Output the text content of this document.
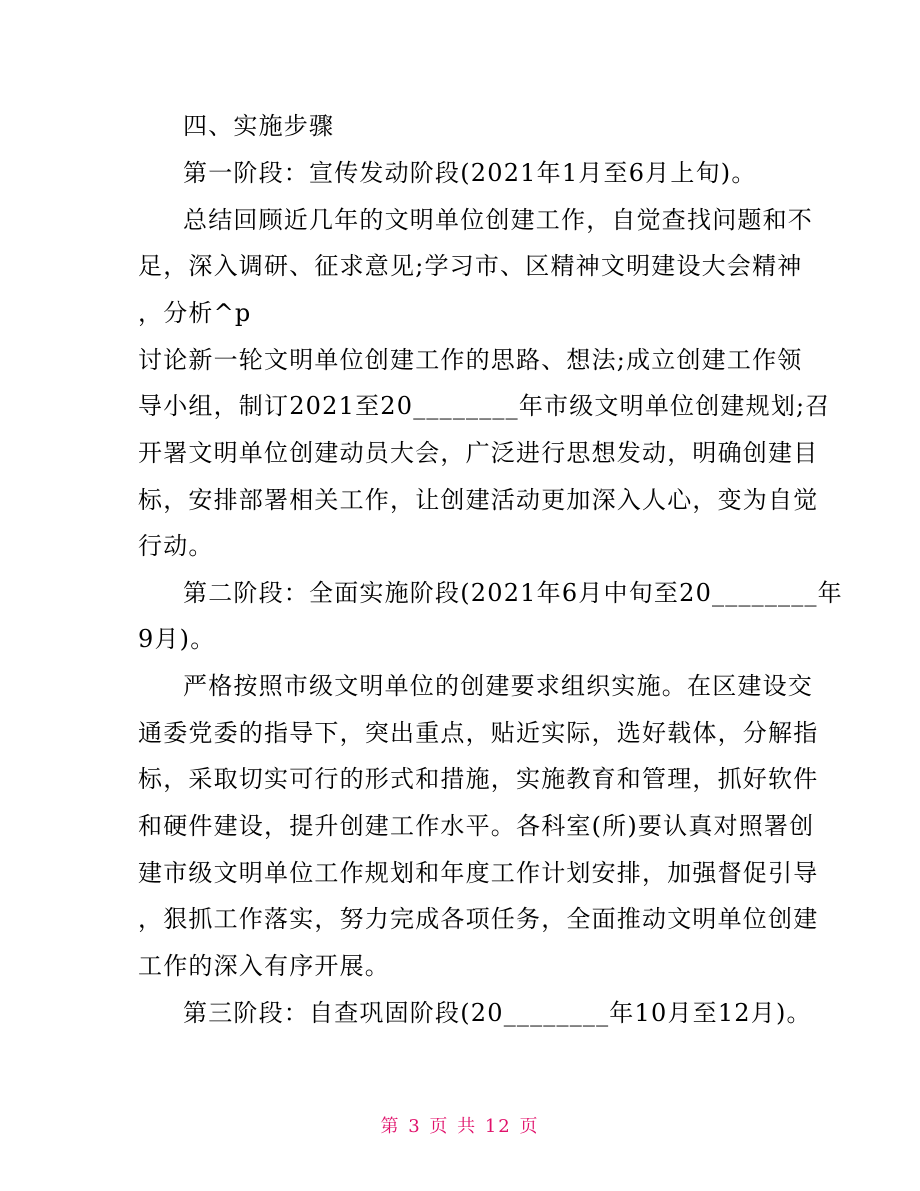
四、实施步骤
第一阶段：宣传发动阶段(2021年1月至6月上旬)。
总结回顾近几年的文明单位创建工作，自觉查找问题和不
足，深入调研、征求意见;学习市、区精神文明建设大会精神
，分析^p
讨论新一轮文明单位创建工作的思路、想法;成立创建工作领
导小组，制订2021至20________年市级文明单位创建规划;召
开署文明单位创建动员大会，广泛进行思想发动，明确创建目
标，安排部署相关工作，让创建活动更加深入人心，变为自觉
行动。
第二阶段：全面实施阶段(2021年6月中旬至20________年
9月)。
严格按照市级文明单位的创建要求组织实施。在区建设交
通委党委的指导下，突出重点，贴近实际，选好载体，分解指
标，采取切实可行的形式和措施，实施教育和管理，抓好软件
和硬件建设，提升创建工作水平。各科室(所)要认真对照署创
建市级文明单位工作规划和年度工作计划安排，加强督促引导
，狠抓工作落实，努力完成各项任务，全面推动文明单位创建
工作的深入有序开展。
第三阶段：自查巩固阶段(20________年10月至12月)。
第 3 页 共 12 页
